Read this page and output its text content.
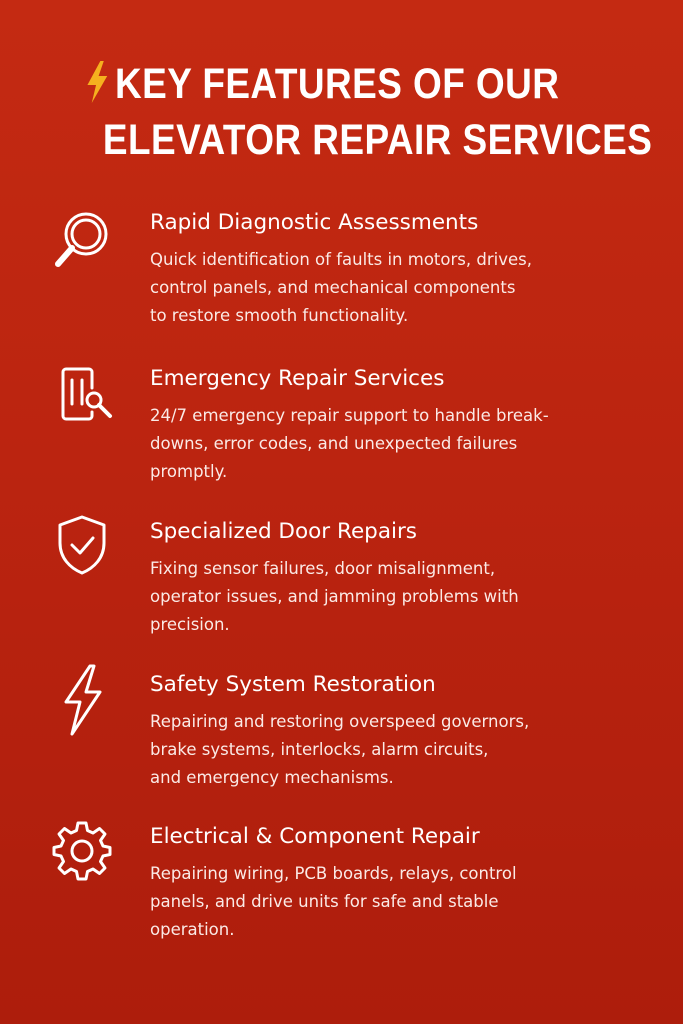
KEY FEATURES OF OUR
ELEVATOR REPAIR SERVICES
Rapid Diagnostic Assessments
Quick identification of faults in motors, drives,
control panels, and mechanical components
to restore smooth functionality.
Emergency Repair Services
24/7 emergency repair support to handle break-
downs, error codes, and unexpected failures
promptly.
Specialized Door Repairs
Fixing sensor failures, door misalignment,
operator issues, and jamming problems with
precision.
Safety System Restoration
Repairing and restoring overspeed governors,
brake systems, interlocks, alarm circuits,
and emergency mechanisms.
Electrical & Component Repair
Repairing wiring, PCB boards, relays, control
panels, and drive units for safe and stable
operation.
